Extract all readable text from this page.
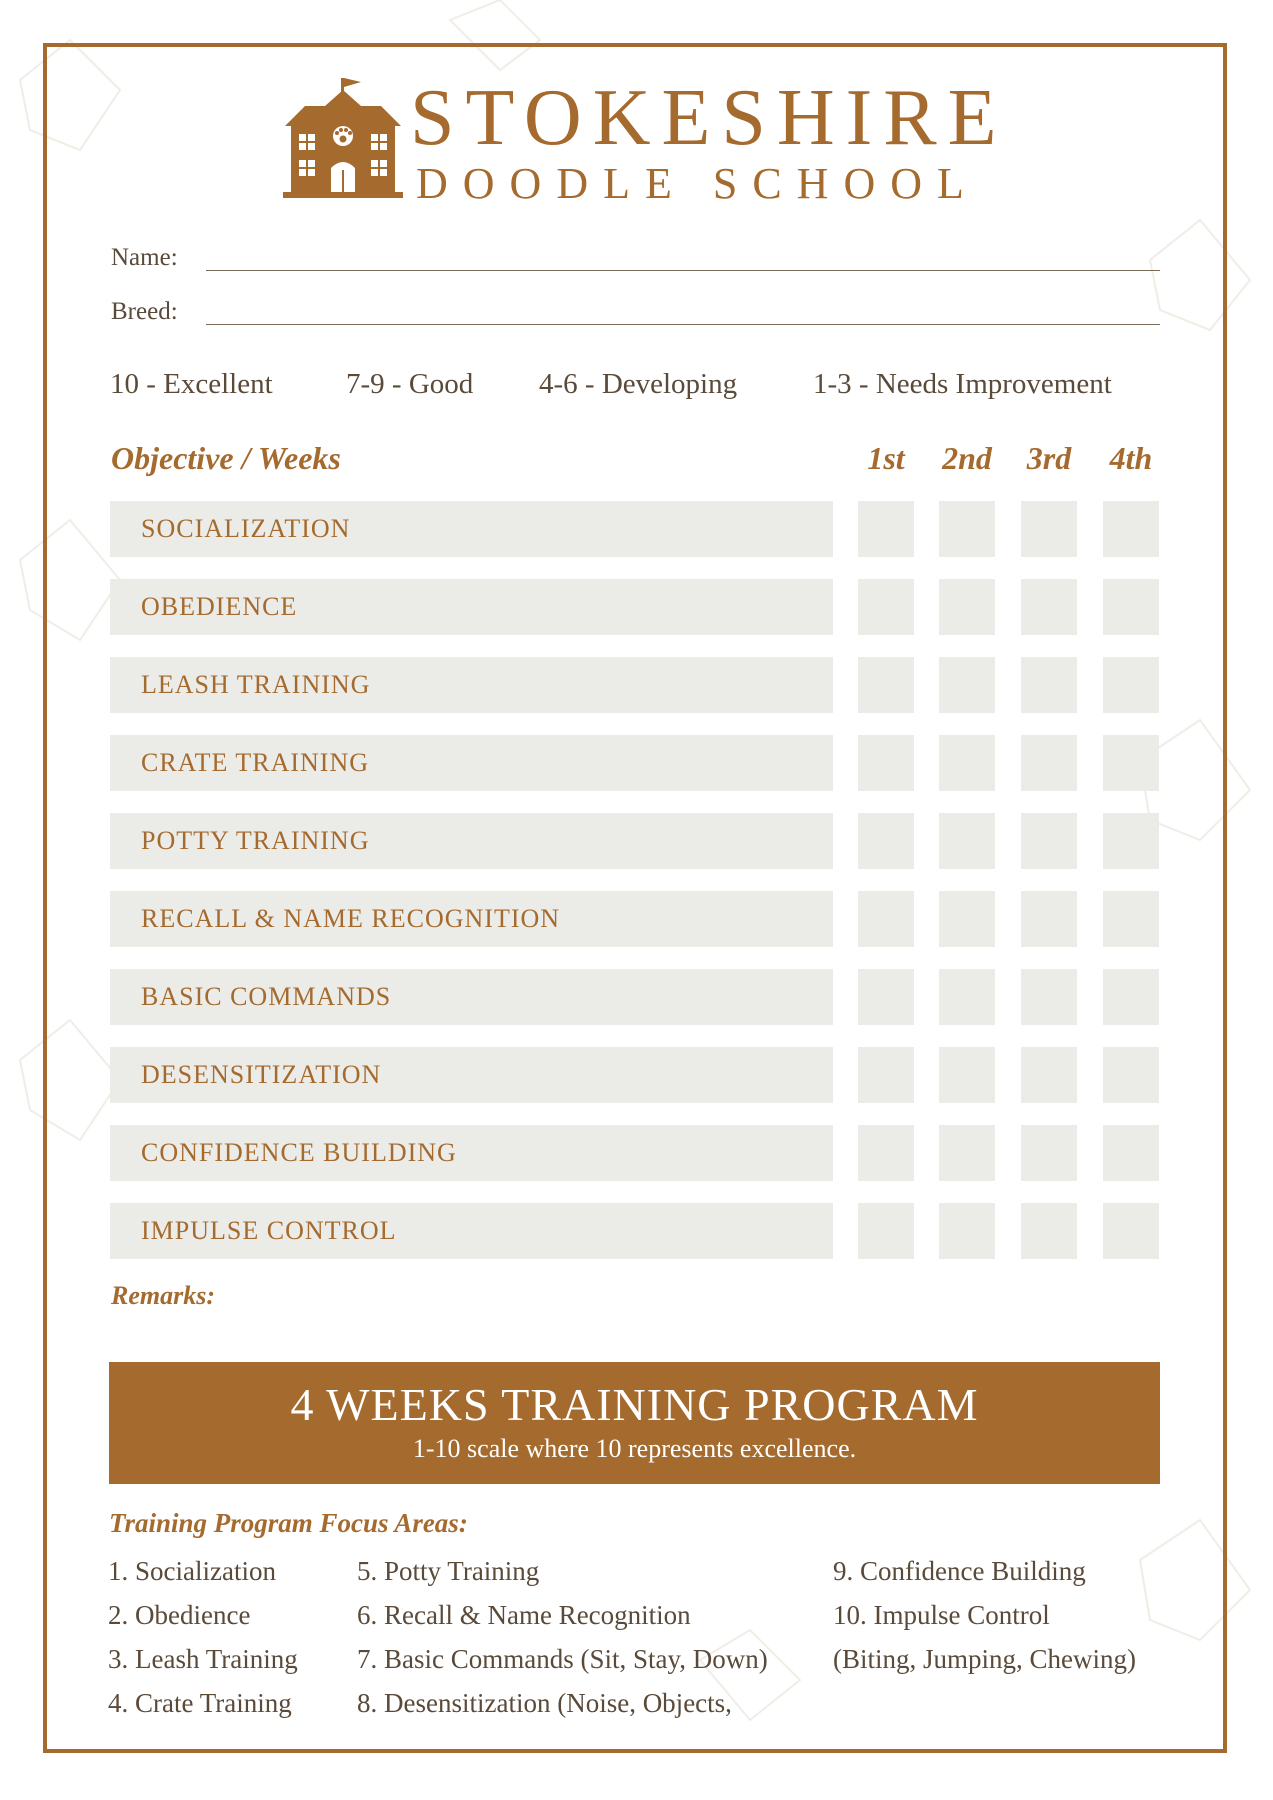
STOKESHIRE
DOODLE SCHOOL
Name:
Breed:
10 - Excellent	7-9 - Good 4-6 - Developing	1-3 - Needs Improvement
Objective / Weeks	1st	2nd	3rd	4th
SOCIALIZATION
OBEDIENCE
LEASH TRAINING
CRATE TRAINING
POTTY TRAINING
RECALL & NAME RECOGNITION
BASIC COMMANDS
DESENSITIZATION
CONFIDENCE BUILDING
IMPULSE CONTROL
Remarks:
4 WEEKS TRAINING PROGRAM
1-10 scale where 10 represents excellence.
Training Program Focus Areas:
1. Socialization
2. Obedience
3. Leash Training
4. Crate Training
5. Potty Training
6. Recall & Name Recognition
7. Basic Commands (Sit, Stay, Down)
8. Desensitization (Noise, Objects,
9. Confidence Building
10. Impulse Control
(Biting, Jumping, Chewing)
